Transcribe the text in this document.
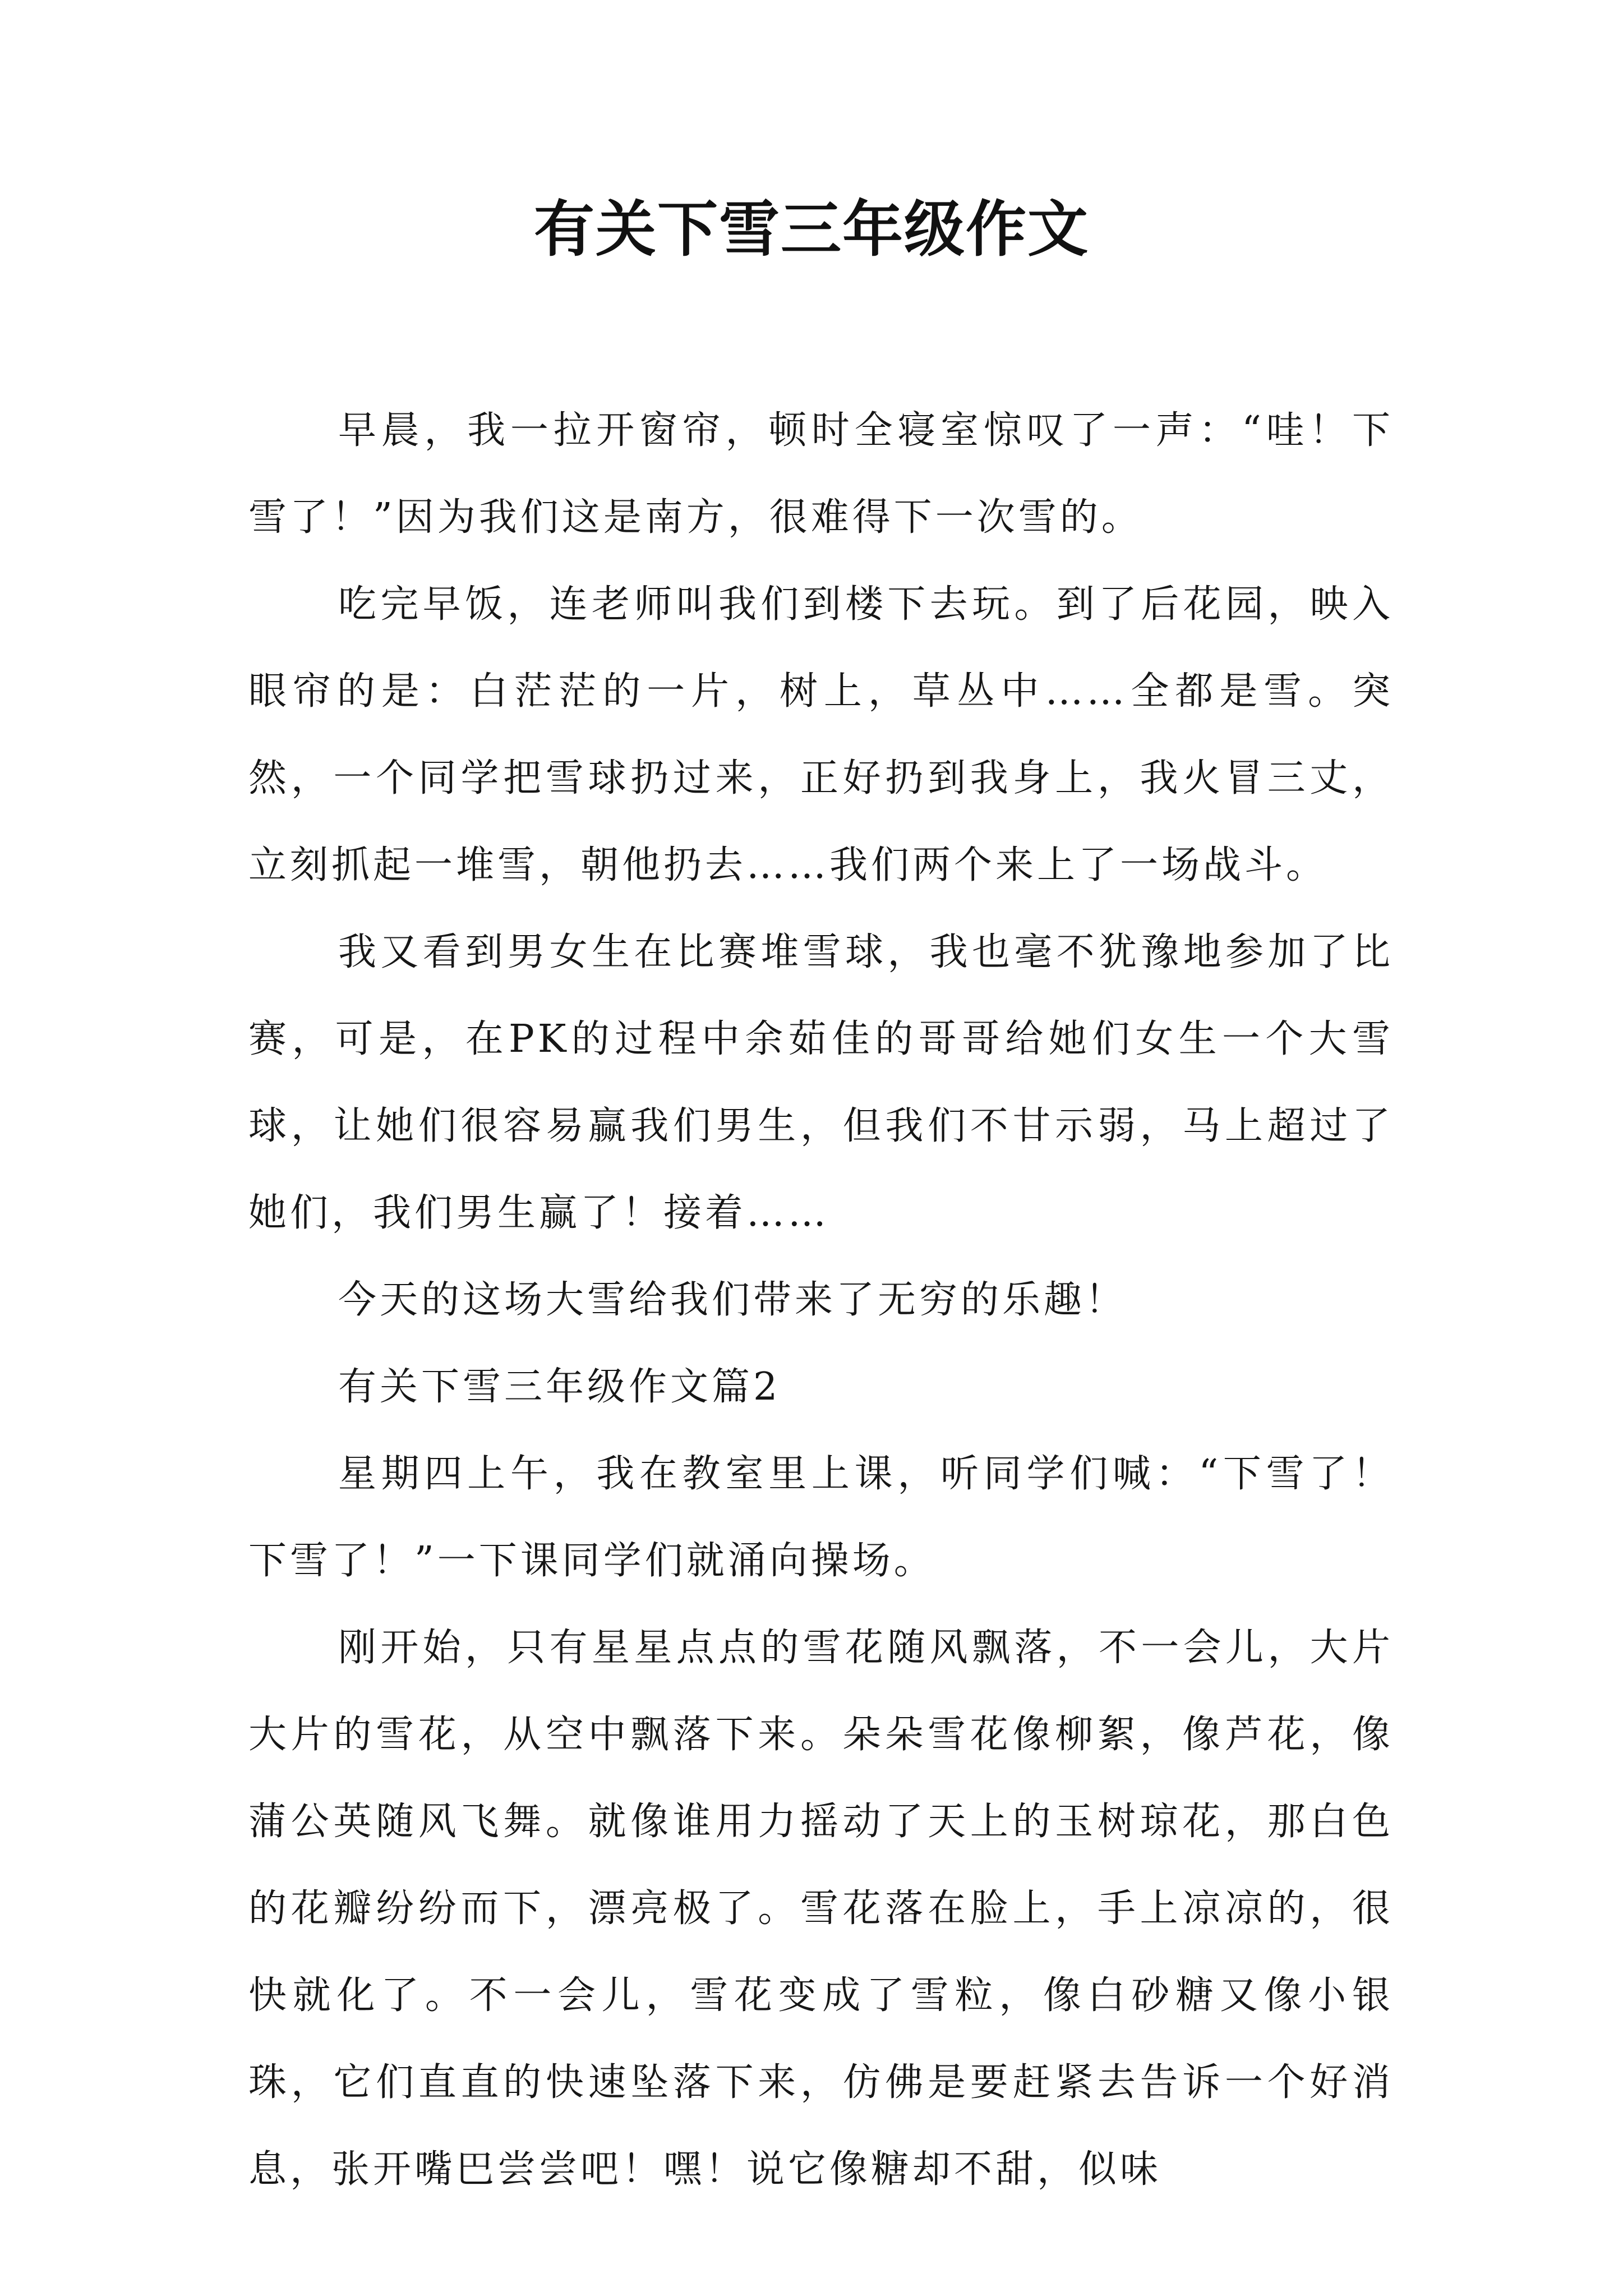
有关下雪三年级作文

早晨，我一拉开窗帘，顿时全寝室惊叹了一声：“哇！下雪了！”因为我们这是南方，很难得下一次雪的。

吃完早饭，连老师叫我们到楼下去玩。到了后花园，映入眼帘的是：白茫茫的一片，树上，草丛中……全都是雪。突然，一个同学把雪球扔过来，正好扔到我身上，我火冒三丈，立刻抓起一堆雪，朝他扔去……我们两个来上了一场战斗。

我又看到男女生在比赛堆雪球，我也毫不犹豫地参加了比赛，可是，在PK的过程中余茹佳的哥哥给她们女生一个大雪球，让她们很容易赢我们男生，但我们不甘示弱，马上超过了她们，我们男生赢了！接着……

今天的这场大雪给我们带来了无穷的乐趣！

有关下雪三年级作文篇2

星期四上午，我在教室里上课，听同学们喊：“下雪了！下雪了！”一下课同学们就涌向操场。

刚开始，只有星星点点的雪花随风飘落，不一会儿，大片大片的雪花，从空中飘落下来。朵朵雪花像柳絮，像芦花，像蒲公英随风飞舞。就像谁用力摇动了天上的玉树琼花，那白色的花瓣纷纷而下，漂亮极了。雪花落在脸上，手上凉凉的，很快就化了。不一会儿，雪花变成了雪粒，像白砂糖又像小银珠，它们直直的快速坠落下来，仿佛是要赶紧去告诉一个好消息，张开嘴巴尝尝吧！嘿！说它像糖却不甜，似味
